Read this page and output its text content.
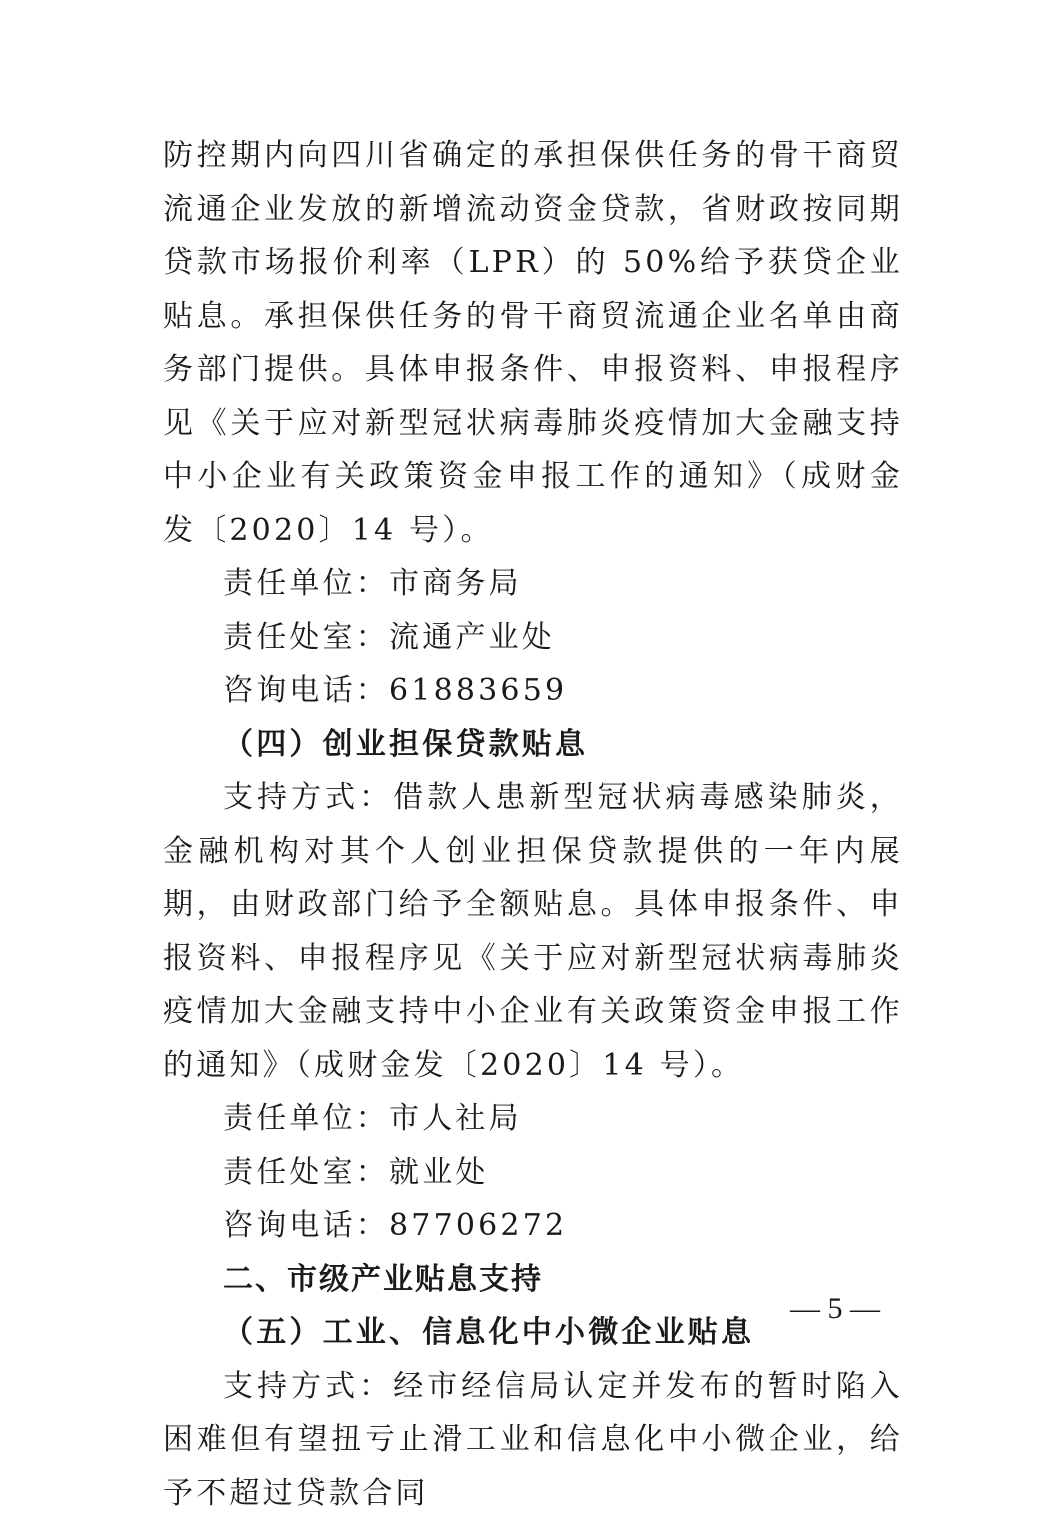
防控期内向四川省确定的承担保供任务的骨干商贸流通企业发放的新增流动资金贷款，省财政按同期贷款市场报价利率（LPR）的 50%给予获贷企业贴息。承担保供任务的骨干商贸流通企业名单由商务部门提供。具体申报条件、申报资料、申报程序见《关于应对新型冠状病毒肺炎疫情加大金融支持中小企业有关政策资金申报工作的通知》（成财金发〔2020〕14 号）。

责任单位：市商务局

责任处室：流通产业处

咨询电话：61883659

（四）创业担保贷款贴息

支持方式：借款人患新型冠状病毒感染肺炎，金融机构对其个人创业担保贷款提供的一年内展期，由财政部门给予全额贴息。具体申报条件、申报资料、申报程序见《关于应对新型冠状病毒肺炎疫情加大金融支持中小企业有关政策资金申报工作的通知》（成财金发〔2020〕14 号）。

责任单位：市人社局

责任处室：就业处

咨询电话：87706272

二、市级产业贴息支持

（五）工业、信息化中小微企业贴息

支持方式：经市经信局认定并发布的暂时陷入困难但有望扭亏止滑工业和信息化中小微企业，给予不超过贷款合同

— 5 —
